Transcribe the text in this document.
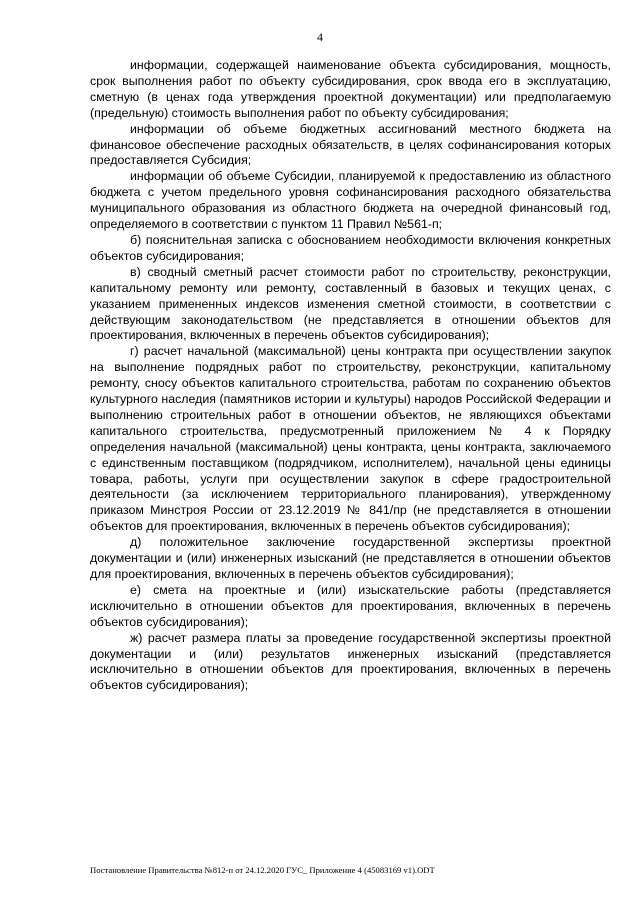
4

информации, содержащей наименование объекта субсидирования, мощность, срок выполнения работ по объекту субсидирования, срок ввода его в эксплуатацию, сметную (в ценах года утверждения проектной документации) или предполагаемую (предельную) стоимость выполнения работ по объекту субсидирования;

информации об объеме бюджетных ассигнований местного бюджета на финансовое обеспечение расходных обязательств, в целях софинансирования которых предоставляется Субсидия;

информации об объеме Субсидии, планируемой к предоставлению из областного бюджета с учетом предельного уровня софинансирования расходного обязательства муниципального образования из областного бюджета на очередной финансовый год, определяемого в соответствии с пунктом 11 Правил №561-п;

б) пояснительная записка с обоснованием необходимости включения конкретных объектов субсидирования;

в) сводный сметный расчет стоимости работ по строительству, реконструкции, капитальному ремонту или ремонту, составленный в базовых и текущих ценах, с указанием примененных индексов изменения сметной стоимости, в соответствии с действующим законодательством (не представляется в отношении объектов для проектирования, включенных в перечень объектов субсидирования);

г) расчет начальной (максимальной) цены контракта при осуществлении закупок на выполнение подрядных работ по строительству, реконструкции, капитальному ремонту, сносу объектов капитального строительства, работам по сохранению объектов культурного наследия (памятников истории и культуры) народов Российской Федерации и выполнению строительных работ в отношении объектов, не являющихся объектами капитального строительства, предусмотренный приложением № 4 к Порядку определения начальной (максимальной) цены контракта, цены контракта, заключаемого с единственным поставщиком (подрядчиком, исполнителем), начальной цены единицы товара, работы, услуги при осуществлении закупок в сфере градостроительной деятельности (за исключением территориального планирования), утвержденному приказом Минстроя России от 23.12.2019 № 841/пр (не представляется в отношении объектов для проектирования, включенных в перечень объектов субсидирования);

д) положительное заключение государственной экспертизы проектной документации и (или) инженерных изысканий (не представляется в отношении объектов для проектирования, включенных в перечень объектов субсидирования);

е) смета на проектные и (или) изыскательские работы (представляется исключительно в отношении объектов для проектирования, включенных в перечень объектов субсидирования);

ж) расчет размера платы за проведение государственной экспертизы проектной документации и (или) результатов инженерных изысканий (представляется исключительно в отношении объектов для проектирования, включенных в перечень объектов субсидирования);

Постановление Правительства №812-п от 24.12.2020 ГУС_ Приложение 4 (45083169 v1).ODT
